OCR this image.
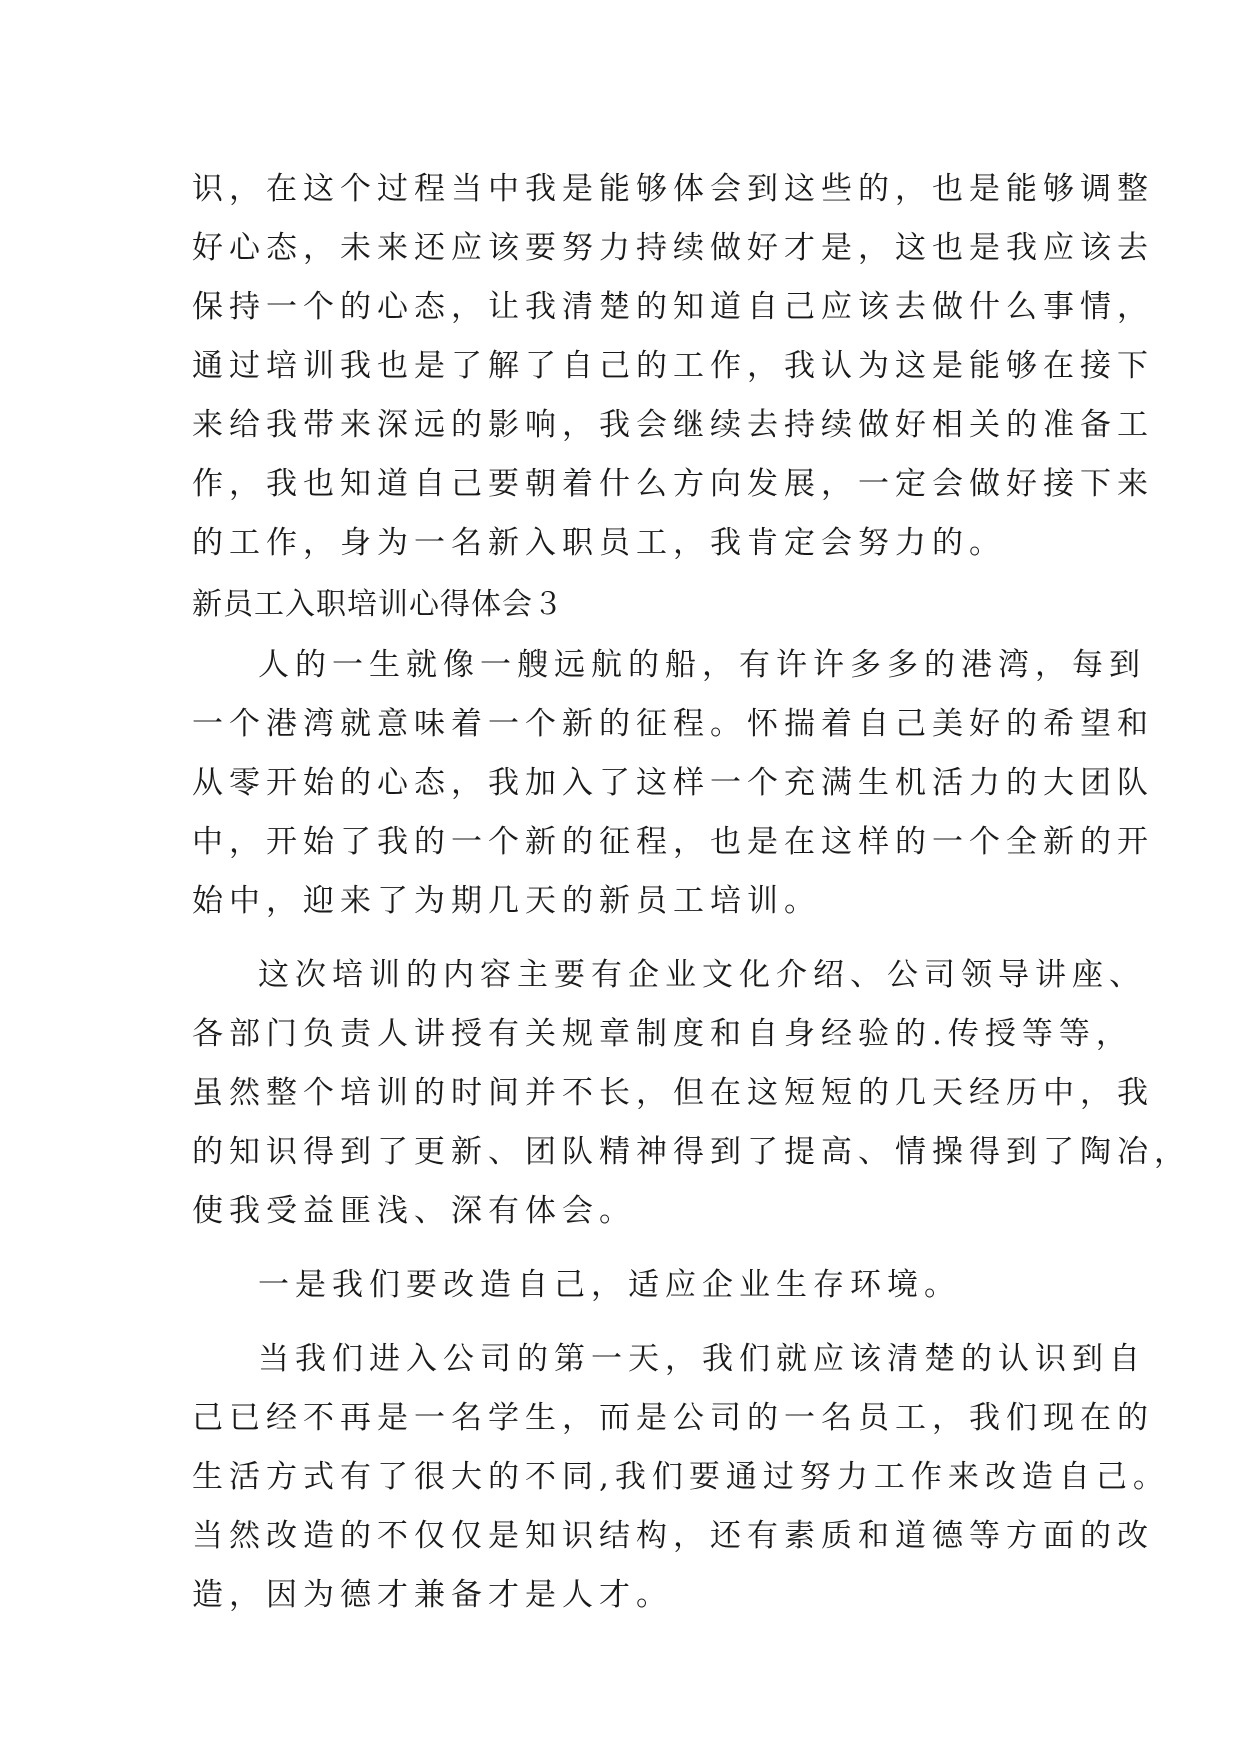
识，在这个过程当中我是能够体会到这些的，也是能够调整
好心态，未来还应该要努力持续做好才是，这也是我应该去
保持一个的心态，让我清楚的知道自己应该去做什么事情，
通过培训我也是了解了自己的工作，我认为这是能够在接下
来给我带来深远的影响，我会继续去持续做好相关的准备工
作，我也知道自己要朝着什么方向发展，一定会做好接下来
的工作，身为一名新入职员工，我肯定会努力的。
新员工入职培训心得体会３
人的一生就像一艘远航的船，有许许多多的港湾，每到
一个港湾就意味着一个新的征程。怀揣着自己美好的希望和
从零开始的心态，我加入了这样一个充满生机活力的大团队
中，开始了我的一个新的征程，也是在这样的一个全新的开
始中，迎来了为期几天的新员工培训。
这次培训的内容主要有企业文化介绍、公司领导讲座、
各部门负责人讲授有关规章制度和自身经验的.传授等等，
虽然整个培训的时间并不长，但在这短短的几天经历中，我
的知识得到了更新、团队精神得到了提高、情操得到了陶冶，
使我受益匪浅、深有体会。
一是我们要改造自己，适应企业生存环境。
当我们进入公司的第一天，我们就应该清楚的认识到自
己已经不再是一名学生，而是公司的一名员工，我们现在的
生活方式有了很大的不同,我们要通过努力工作来改造自己。
当然改造的不仅仅是知识结构，还有素质和道德等方面的改
造，因为德才兼备才是人才。
